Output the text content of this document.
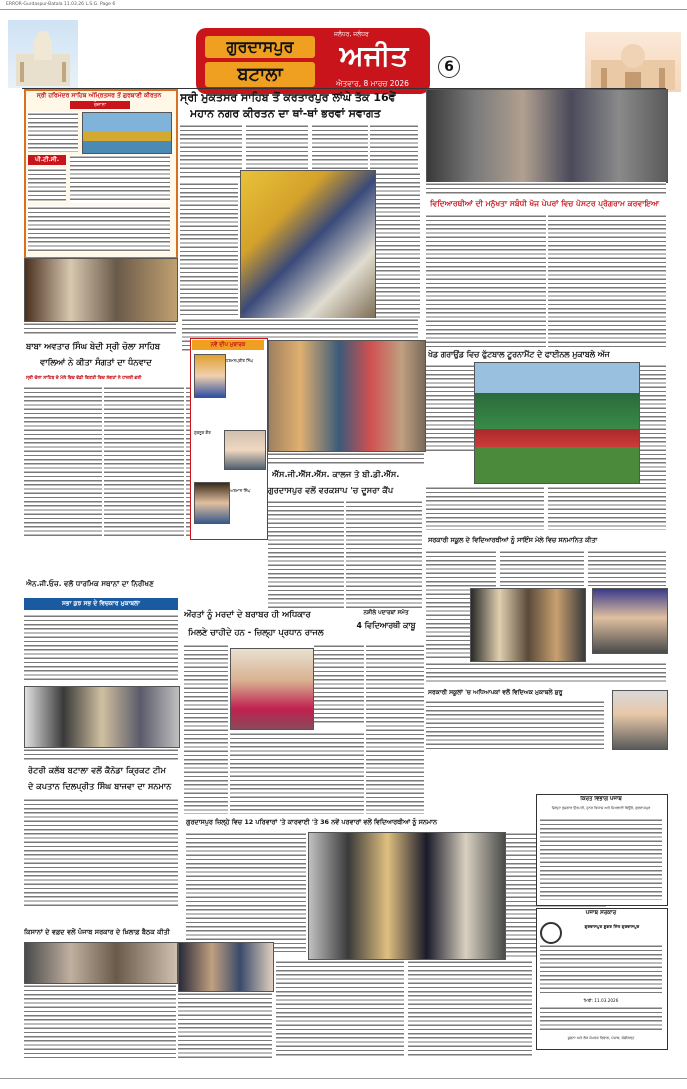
ERROR-Gurdaspur-Batala 11.03.26 L.S.G. Page 6
ਗੁਰਦਾਸਪੁਰ
ਬਟਾਲਾ
ਜਲੰਧਰ, ਜਲੰਧਰ
ਅਜੀਤ
ਐਤਵਾਰ, 8 ਮਾਰਚ 2026
6
ਸ੍ਰੀ ਹਰਿਮੰਦਰ ਸਾਹਿਬ ਅੰਮ੍ਰਿਤਸਰ ਤੋਂ ਗੁਰਬਾਣੀ ਕੀਰਤਨ
ਰੋਜ਼ਾਨਾ
ਪੀ.ਟੀ.ਸੀ.
ਸ੍ਰੀ ਮੁਕਤਸਰ ਸਾਹਿਬ ਤੋਂ ਕਰਤਾਰਪੁਰ ਲਾਂਘੇ ਤੱਕ 16ਵੇਂ
ਮਹਾਨ ਨਗਰ ਕੀਰਤਨ ਦਾ ਥਾਂ-ਥਾਂ ਭਰਵਾਂ ਸਵਾਗਤ
ਵਿਦਿਆਰਥੀਆਂ ਦੀ ਮਨੁੱਖਤਾ ਸਬੰਧੀ ਖੋਜ ਪੇਪਰਾਂ ਵਿਚ ਪੋਸਟਰ ਪ੍ਰੋਗਰਾਮ ਕਰਵਾਇਆ
ਖੇਡ ਗਰਾਉਂਡ ਵਿਚ ਫੁੱਟਬਾਲ ਟੂਰਨਾਮੈਂਟ ਦੇ ਫਾਈਨਲ ਮੁਕਾਬਲੇ ਅੱਜ
ਬਾਬਾ ਅਵਤਾਰ ਸਿੰਘ ਬੇਦੀ ਸ੍ਰੀ ਚੋਲਾ ਸਾਹਿਬ
ਵਾਲਿਆਂ ਨੇ ਕੀਤਾ ਸੰਗਤਾਂ ਦਾ ਧੰਨਵਾਦ
ਸ੍ਰੀ ਚੋਲਾ ਸਾਹਿਬ ਦੇ ਮੇਲੇ ਵਿਚ ਵੱਡੀ ਗਿਣਤੀ ਵਿਚ ਸੰਗਤਾਂ ਨੇ ਹਾਜ਼ਰੀ ਭਰੀ
ਨਵੇਂ ਦੀਪ ਮੁਬਾਰਕ
ਹਰਮਨਪ੍ਰੀਤ ਸਿੰਘ
ਗੁਰਨੂਰ ਕੌਰ
ਅਰਮਾਨ ਸਿੰਘ
ਐੱਸ.ਜੀ.ਐੱਸ.ਐੱਸ. ਕਾਲਜ ਤੇ ਬੀ.ਡੀ.ਐੱਸ.
ਗੁਰਦਾਸਪੁਰ ਵਲੋਂ ਵਰਕਸ਼ਾਪ 'ਚ ਦੂਸਰਾ ਕੈਂਪ
ਸਰਕਾਰੀ ਸਕੂਲ ਦੇ ਵਿਦਿਆਰਥੀਆਂ ਨੂੰ ਸਾਇੰਸ ਮੇਲੇ ਵਿਚ ਸਨਮਾਨਿਤ ਕੀਤਾ
ਸਰਕਾਰੀ ਸਕੂਲਾਂ 'ਚ ਅਧਿਆਪਕਾਂ ਵਲੋਂ ਵਿਦਿਅਕ ਮੁਕਾਬਲੇ ਸ਼ੁਰੂ
ਐਨ.ਜੀ.ਓਜ਼. ਵਲੋਂ ਧਾਰਮਿਕ ਸਥਾਨਾਂ ਦਾ ਨਿਰੀਖਣ
ਸਭਾ ਕੁਝ ਸਭ ਦੇ ਵਿਚਕਾਰ ਮੁਕਾਬਲਾ
ਔਰਤਾਂ ਨੂੰ ਮਰਦਾਂ ਦੇ ਬਰਾਬਰ ਹੀ ਅਧਿਕਾਰ
ਮਿਲਣੇ ਚਾਹੀਦੇ ਹਨ - ਜ਼ਿਲ੍ਹਾ ਪ੍ਰਧਾਨ ਰਾਜਲ
ਨਸ਼ੀਲੇ ਪਦਾਰਥਾਂ ਸਮੇਤ
4 ਵਿਦਿਆਰਥੀ ਕਾਬੂ
ਰੋਟਰੀ ਕਲੱਬ ਬਟਾਲਾ ਵਲੋਂ ਕੈਨੇਡਾ ਕ੍ਰਿਕਟ ਟੀਮ
ਦੇ ਕਪਤਾਨ ਦਿਲਪ੍ਰੀਤ ਸਿੰਘ ਬਾਜਵਾ ਦਾ ਸਨਮਾਨ
ਗੁਰਦਾਸਪੁਰ ਜ਼ਿਲ੍ਹੇ ਵਿਚ 12 ਪਰਿਵਾਰਾਂ 'ਤੇ ਕਾਰਵਾਈ 'ਤੇ 36 ਨਵੇਂ ਪਰਵਾਰਾਂ ਵਲੋਂ ਵਿਦਿਆਰਥੀਆਂ ਨੂੰ ਸਨਮਾਨ
ਕਿਰਤ ਵਿਭਾਗ ਪੰਜਾਬ
ਜ਼ਿਲ੍ਹਾ ਰੁਜ਼ਗਾਰ ਉਤਪਤੀ, ਹੁਨਰ ਵਿਕਾਸ ਅਤੇ ਸਿਖਲਾਈ ਬਿਊਰੋ, ਗੁਰਦਾਸਪੁਰ
ਪੰਜਾਬ ਸਰਕਾਰ
ਗੁਰਦਾਸਪੁਰ ਸ਼ੂਗਰ ਮਿੱਲ ਗੁਰਦਾਸਪੁਰ
ਮਿਤੀ: 11.03.2026
ਸੂਚਨਾ ਅਤੇ ਲੋਕ ਸੰਪਰਕ ਵਿਭਾਗ, ਪੰਜਾਬ, ਚੰਡੀਗੜ੍ਹ
ਕਿਸਾਨਾਂ ਦੇ ਵਫ਼ਦ ਵਲੋਂ ਪੰਜਾਬ ਸਰਕਾਰ ਦੇ ਖ਼ਿਲਾਫ਼ ਬੈਠਕ ਕੀਤੀ
